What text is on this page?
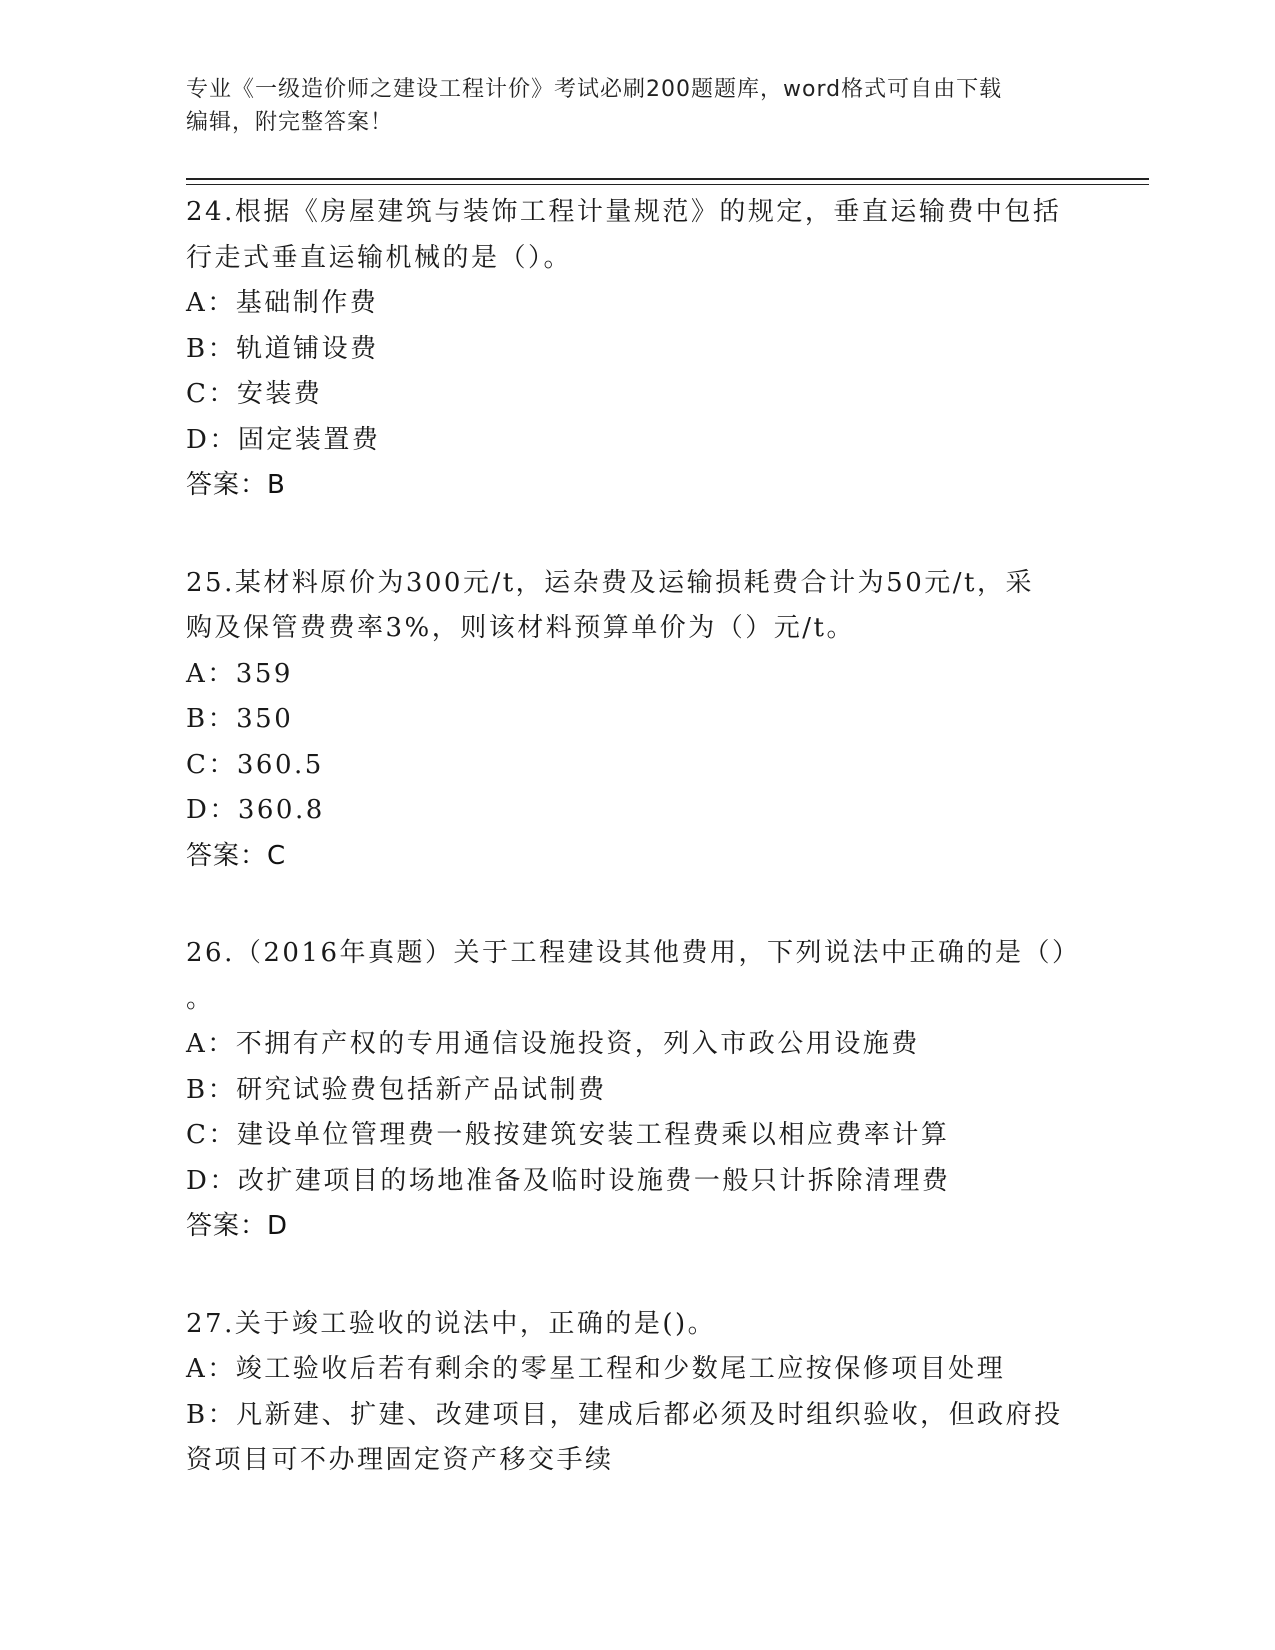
专业《一级造价师之建设工程计价》考试必刷200题题库，word格式可自由下载
编辑，附完整答案！
24.根据《房屋建筑与装饰工程计量规范》的规定，垂直运输费中包括
行走式垂直运输机械的是（）。
A：基础制作费
B：轨道铺设费
C：安装费
D：固定装置费
答案：B
25.某材料原价为300元/t，运杂费及运输损耗费合计为50元/t，采
购及保管费费率3%，则该材料预算单价为（）元/t。
A：359
B：350
C：360.5
D：360.8
答案：C
26.（2016年真题）关于工程建设其他费用，下列说法中正确的是（）
。
A：不拥有产权的专用通信设施投资，列入市政公用设施费
B：研究试验费包括新产品试制费
C：建设单位管理费一般按建筑安装工程费乘以相应费率计算
D：改扩建项目的场地准备及临时设施费一般只计拆除清理费
答案：D
27.关于竣工验收的说法中，正确的是()。
A：竣工验收后若有剩余的零星工程和少数尾工应按保修项目处理
B：凡新建、扩建、改建项目，建成后都必须及时组织验收，但政府投
资项目可不办理固定资产移交手续
